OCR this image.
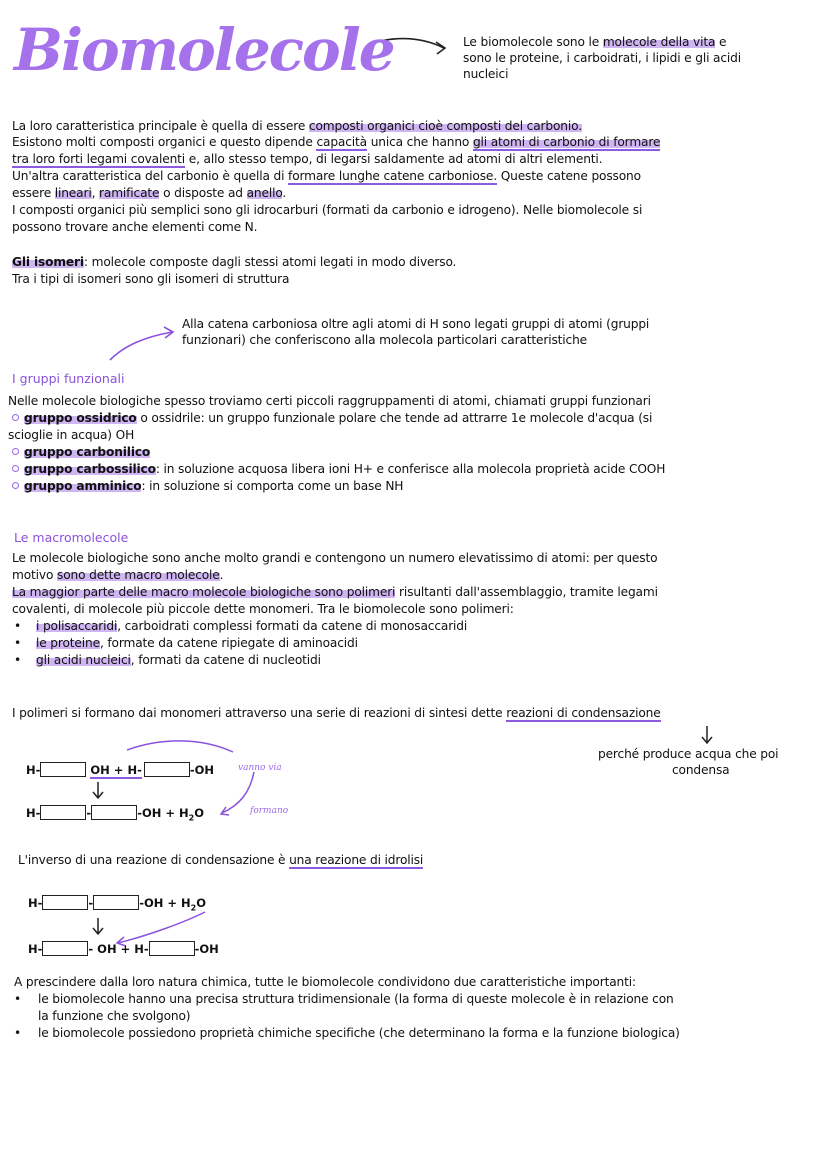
Biomolecole	Le biomolecole sono le molecole della vita e
sono le proteine, i carboidrati, i lipidi e gli acidi
nucleici
La loro caratteristica principale è quella di essere composti organici cioè composti del carbonio.
Esistono molti composti organici e questo dipende capacità unica che hanno gli atomi di carbonio di formare
tra loro forti legami covalenti e, allo stesso tempo, di legarsi saldamente ad atomi di altri elementi.
Un'altra caratteristica del carbonio è quella di formare lunghe catene carboniose. Queste catene possono
essere lineari, ramificate o disposte ad anello.
I composti organici più semplici sono gli idrocarburi (formati da carbonio e idrogeno). Nelle biomolecole si
possono trovare anche elementi come N.
Gli isomeri: molecole composte dagli stessi atomi legati in modo diverso.
Tra i tipi di isomeri sono gli isomeri di struttura
Alla catena carboniosa oltre agli atomi di H sono legati gruppi di atomi (gruppi
funzionari) che conferiscono alla molecola particolari caratteristiche
I gruppi funzionali
Nelle molecole biologiche spesso troviamo certi piccoli raggruppamenti di atomi, chiamati gruppi funzionari
gruppo ossidrico o ossidrile: un gruppo funzionale polare che tende ad attrarre 1e molecole d'acqua (si
scioglie in acqua) OH
gruppo carbonilico
gruppo carbossilico: in soluzione acquosa libera ioni H+ e conferisce alla molecola proprietà acide COOH
gruppo amminico: in soluzione si comporta come un base NH
Le macromolecole
Le molecole biologiche sono anche molto grandi e contengono un numero elevatissimo di atomi: per questo
motivo sono dette macro molecole.
La maggior parte delle macro molecole biologiche sono polimeri risultanti dall'assemblaggio, tramite legami
covalenti, di molecole più piccole dette monomeri. Tra le biomolecole sono polimeri:
• i polisaccaridi, carboidrati complessi formati da catene di monosaccaridi
• le proteine, formate da catene ripiegate di aminoacidi
• gli acidi nucleici, formati da catene di nucleotidi
I polimeri si formano dai monomeri attraverso una serie di reazioni di sintesi dette reazioni di condensazione
perché produce acqua che poi
condensa
H-	OH + H-	-OH	vanno via
H-	-	$-OH + H_2O$	formano
L'inverso di una reazione di condensazione è una reazione di idrolisi
H-	-	$-OH + H_2O$
H-	- OH + H-	-OH
A prescindere dalla loro natura chimica, tutte le biomolecole condividono due caratteristiche importanti:
• le biomolecole hanno una precisa struttura tridimensionale (la forma di queste molecole è in relazione con
la funzione che svolgono)
• le biomolecole possiedono proprietà chimiche specifiche (che determinano la forma e la funzione biologica)
